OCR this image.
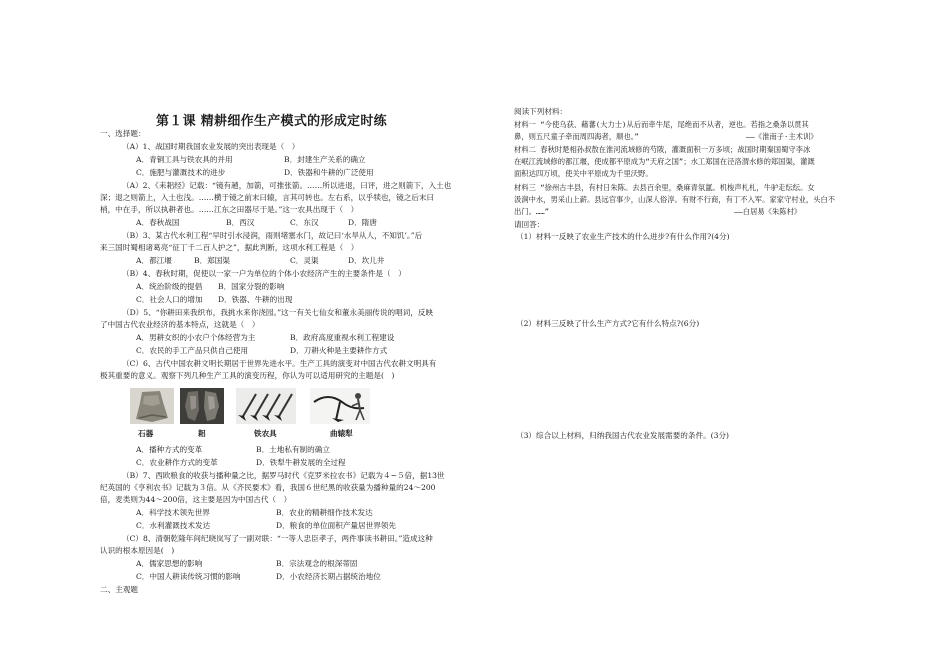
第１课 精耕细作生产模式的形成定时练
一、选择题：
（A）1、战国时期我国农业发展的突出表现是（　）
A．青铜工具与铁农具的并用	B．封建生产关系的确立
C．施肥与灌溉技术的进步	D．铁器和牛耕的广泛使用
（A）2、《耒耜经》记载：“镜有趟，加箭，可推张箭。……所以进退，曰评，进之则箭下，入土也
深；退之则箭上，入土也浅。……横于镜之前末曰辕，言其可转也。左右系，以乎犊也，镜之后末曰
梢，中在手，所以执耕者也。……江东之田器尽于是。”这一农具出现于（　）
A．春秋战国	B．西汉	C．东汉	D．隋唐
（B）3、某古代水利工程“早时引水浸润，雨则堵塞水门，故记曰‘水旱从人，不知饥’。”后
来三国时蜀相诸葛亮“征丁千二百人护之”，据此判断，这项水利工程是（　）
A．都江堰	B．郑国渠	C．灵渠	D．坎儿井
（B）4、春秋时期，促使以一家一户为单位的个体小农经济产生的主要条件是（　）
A．统治阶级的提倡 B．国家分裂的影响
C．社会人口的增加 D．铁器、牛耕的出现
（D）5、“你耕田来我织布，我挑水来你浇园。”这一有关七仙女和董永美丽传说的唱词，反映
了中国古代农业经济的基本特点，这就是（　）
A．男耕女织的小农户个体经营为主	B．政府高度重视水利工程建设
C．农民的手工产品只供自己使用	D．刀耕火种是主要耕作方式
（C）6、古代中国农耕文明长期居于世界先进水平。生产工具的演变对中国古代农耕文明具有
极其重要的意义。观察下列几种生产工具的演变历程，你认为可以适用研究的主题是(　)
石器	耜	铁农具	曲辕犁
A．播种方式的变革	B．土地私有制的确立
C．农业耕作方式的变革	D．铁犁牛耕发展的全过程
（B）7、西欧粮食的收获与播种量之比，据罗马时代《克罗米拉农书》记载为４~５倍，据13世
纪英国的《亨利农书》记载为３倍。从《齐民要术》看，我国６世纪黑的收获量为播种量的24～200
倍，麦类则为44～200倍，这主要是因为中国古代（　）
A．科学技术领先世界	B．农业的精耕细作技术发达
C．水利灌溉技术发达	D．粮食的单位面积产量居世界领先
（C）8、清朝乾隆年间纪晓岚写了一副对联：“一等人忠臣孝子，两件事读书耕田。”造成这种
认识的根本原因是(　)
A．儒家思想的影响	B．宗法观念的根深蒂固
C．中国人耕读传统习惯的影响	D．小农经济长期占据统治地位
二、主观题
阅读下列材料：
材料一 “今使乌获、藉蕃(大力士)从后而牵牛尾，尾绝而不从者，逆也。若指之桑条以贯其
鼻，则五尺童子牵而周四海者，顺也。”	——《淮南子·主术训》
材料二 春秋时楚相孙叔敖在淮河流域修的芍陂，灌溉面积一万多顷；战国时期秦国蜀守李冰
在岷江流域修的都江堰，使成都平原成为“天府之国”；水工郑国在泾洛渭水修的郑国渠，灌溉
面积达四万顷，使关中平原成为千里沃野。
材料三 “徐州古丰县，有村日朱陈。去县百余里，桑麻青氛氲。机梭声札札，牛驴走纭纭。女
汲涧中水，男采山上薪。县远官事少，山深人俗淳。有财不行商，有丁不入军。家家守村业，头白不
出门。……”	——白居易《朱陈村》
请回答：
（1）材料一反映了农业生产技术的什么进步?有什么作用?(4分)
（2）材料三反映了什么生产方式?它有什么特点?(6分)
（3）综合以上材料，归纳我国古代农业发展需要的条件。(3分)
